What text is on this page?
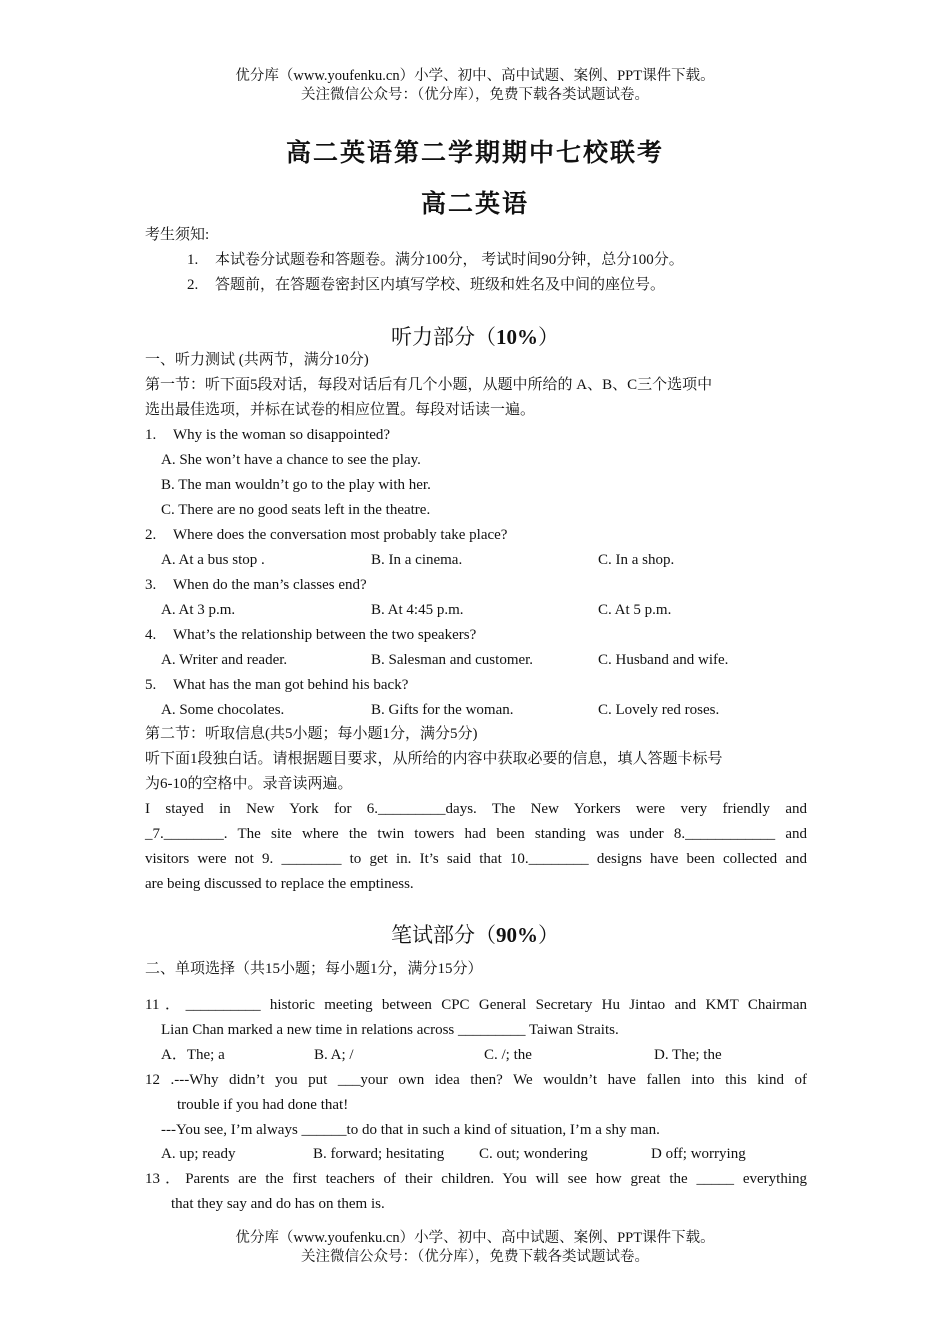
优分库（www.youfenku.cn）小学、初中、高中试题、案例、PPT课件下载。
关注微信公众号：（优分库），免费下载各类试题试卷。
高二英语第二学期期中七校联考
高二英语
考生须知:
1. 本试卷分试题卷和答题卷。满分100分， 考试时间90分钟，总分100分。
2. 答题前，在答题卷密封区内填写学校、班级和姓名及中间的座位号。
听力部分（10%）
一、听力测试 (共两节，满分10分)
第一节：听下面5段对话，每段对话后有几个小题，从题中所给的 A、B、C三个选项中
选出最佳选项，并标在试卷的相应位置。每段对话读一遍。
1. Why is the woman so disappointed?
A. She won’t have a chance to see the play.
B. The man wouldn’t go to the play with her.
C. There are no good seats left in the theatre.
2. Where does the conversation most probably take place?
A. At a bus stop .	B. In a cinema.	C. In a shop.
3. When do the man’s classes end?
A. At 3 p.m.	B. At 4:45 p.m.	C. At 5 p.m.
4. What’s the relationship between the two speakers?
A. Writer and reader.	B. Salesman and customer.	C. Husband and wife.
5. What has the man got behind his back?
A. Some chocolates.	B. Gifts for the woman.	C. Lovely red roses.
第二节：听取信息(共5小题；每小题1分，满分5分)
听下面1段独白话。请根据题目要求，从所给的内容中获取必要的信息，填人答题卡标号
为6-10的空格中。录音读两遍。
I stayed in New York for 6._________days. The New Yorkers were very friendly and
_7.________. The site where the twin towers had been standing was under 8.____________ and
visitors were not 9. ________ to get in. It’s said that 10.________ designs have been collected and
are being discussed to replace the emptiness.
笔试部分（90%）
二、单项选择（共15小题；每小题1分，满分15分）
11．__________ historic meeting between CPC General Secretary Hu Jintao and KMT Chairman
Lian Chan marked a new time in relations across _________ Taiwan Straits.
A．The; a	B. A; /	C. /; the	D. The; the
12 .---Why didn’t you put ___your own idea then? We wouldn’t have fallen into this kind of
trouble if you had done that!
---You see, I’m always ______to do that in such a kind of situation, I’m a shy man.
A. up; ready	B. forward; hesitating C. out; wondering	D off; worrying
13．Parents are the first teachers of their children. You will see how great the _____ everything
that they say and do has on them is.
优分库（www.youfenku.cn）小学、初中、高中试题、案例、PPT课件下载。
关注微信公众号：（优分库），免费下载各类试题试卷。
